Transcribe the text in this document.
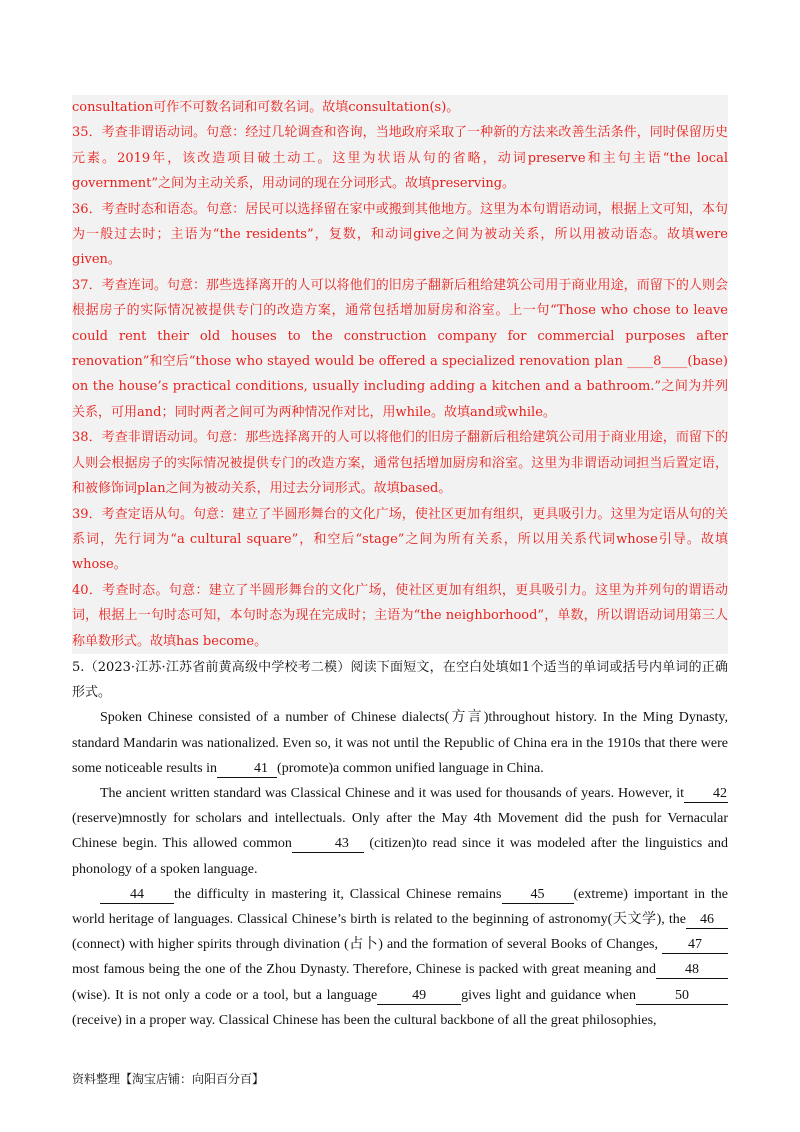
consultation可作不可数名词和可数名词。故填consultation(s)。

35．考查非谓语动词。句意：经过几轮调查和咨询，当地政府采取了一种新的方法来改善生活条件，同时保留历史元素。2019年，该改造项目破土动工。这里为状语从句的省略，动词preserve和主句主语“the local government”之间为主动关系，用动词的现在分词形式。故填preserving。

36．考查时态和语态。句意：居民可以选择留在家中或搬到其他地方。这里为本句谓语动词，根据上文可知，本句为一般过去时；主语为“the residents”，复数，和动词give之间为被动关系，所以用被动语态。故填were given。

37．考查连词。句意：那些选择离开的人可以将他们的旧房子翻新后租给建筑公司用于商业用途，而留下的人则会根据房子的实际情况被提供专门的改造方案，通常包括增加厨房和浴室。上一句“Those who chose to leave could rent their old houses to the construction company for commercial purposes after renovation”和空后“those who stayed would be offered a specialized renovation plan ____8____(base) on the house’s practical conditions, usually including adding a kitchen and a bathroom.”之间为并列关系，可用and；同时两者之间可为两种情况作对比，用while。故填and或while。

38．考查非谓语动词。句意：那些选择离开的人可以将他们的旧房子翻新后租给建筑公司用于商业用途，而留下的人则会根据房子的实际情况被提供专门的改造方案，通常包括增加厨房和浴室。这里为非谓语动词担当后置定语，和被修饰词plan之间为被动关系，用过去分词形式。故填based。

39．考查定语从句。句意：建立了半圆形舞台的文化广场，使社区更加有组织，更具吸引力。这里为定语从句的关系词，先行词为“a cultural square”，和空后“stage”之间为所有关系，所以用关系代词whose引导。故填whose。

40．考查时态。句意：建立了半圆形舞台的文化广场，使社区更加有组织，更具吸引力。这里为并列句的谓语动词，根据上一句时态可知，本句时态为现在完成时；主语为“the neighborhood”，单数，所以谓语动词用第三人称单数形式。故填has become。

5.（2023·江苏·江苏省前黄高级中学校考二模）阅读下面短文，在空白处填如1个适当的单词或括号内单词的正确形式。

Spoken Chinese consisted of a number of Chinese dialects(方言)throughout history. In the Ming Dynasty, standard Mandarin was nationalized. Even so, it was not until the Republic of China era in the 1910s that there were some noticeable results in	41 (promote)a common unified language in China.

The ancient written standard was Classical Chinese and it was used for thousands of years. However, it 42(reserve)mnostly for scholars and intellectuals. Only after the May 4th Movement did the push for Vernacular Chinese begin. This allowed common	43 (citizen)to read since it was modeled after the linguistics and phonology of a spoken language.

44 the difficulty in mastering it, Classical Chinese remains 45 (extreme) important in the world heritage of languages. Classical Chinese’s birth is related to the beginning of astronomy(天文学), the 46(connect) with higher spirits through divination (占卜) and the formation of several Books of Changes, 47 most famous being the one of the Zhou Dynasty. Therefore, Chinese is packed with great meaning and 48 (wise). It is not only a code or a tool, but a language	49	gives light and guidance when	50 (receive) in a proper way. Classical Chinese has been the cultural backbone of all the great philosophies,

资料整理【淘宝店铺：向阳百分百】
